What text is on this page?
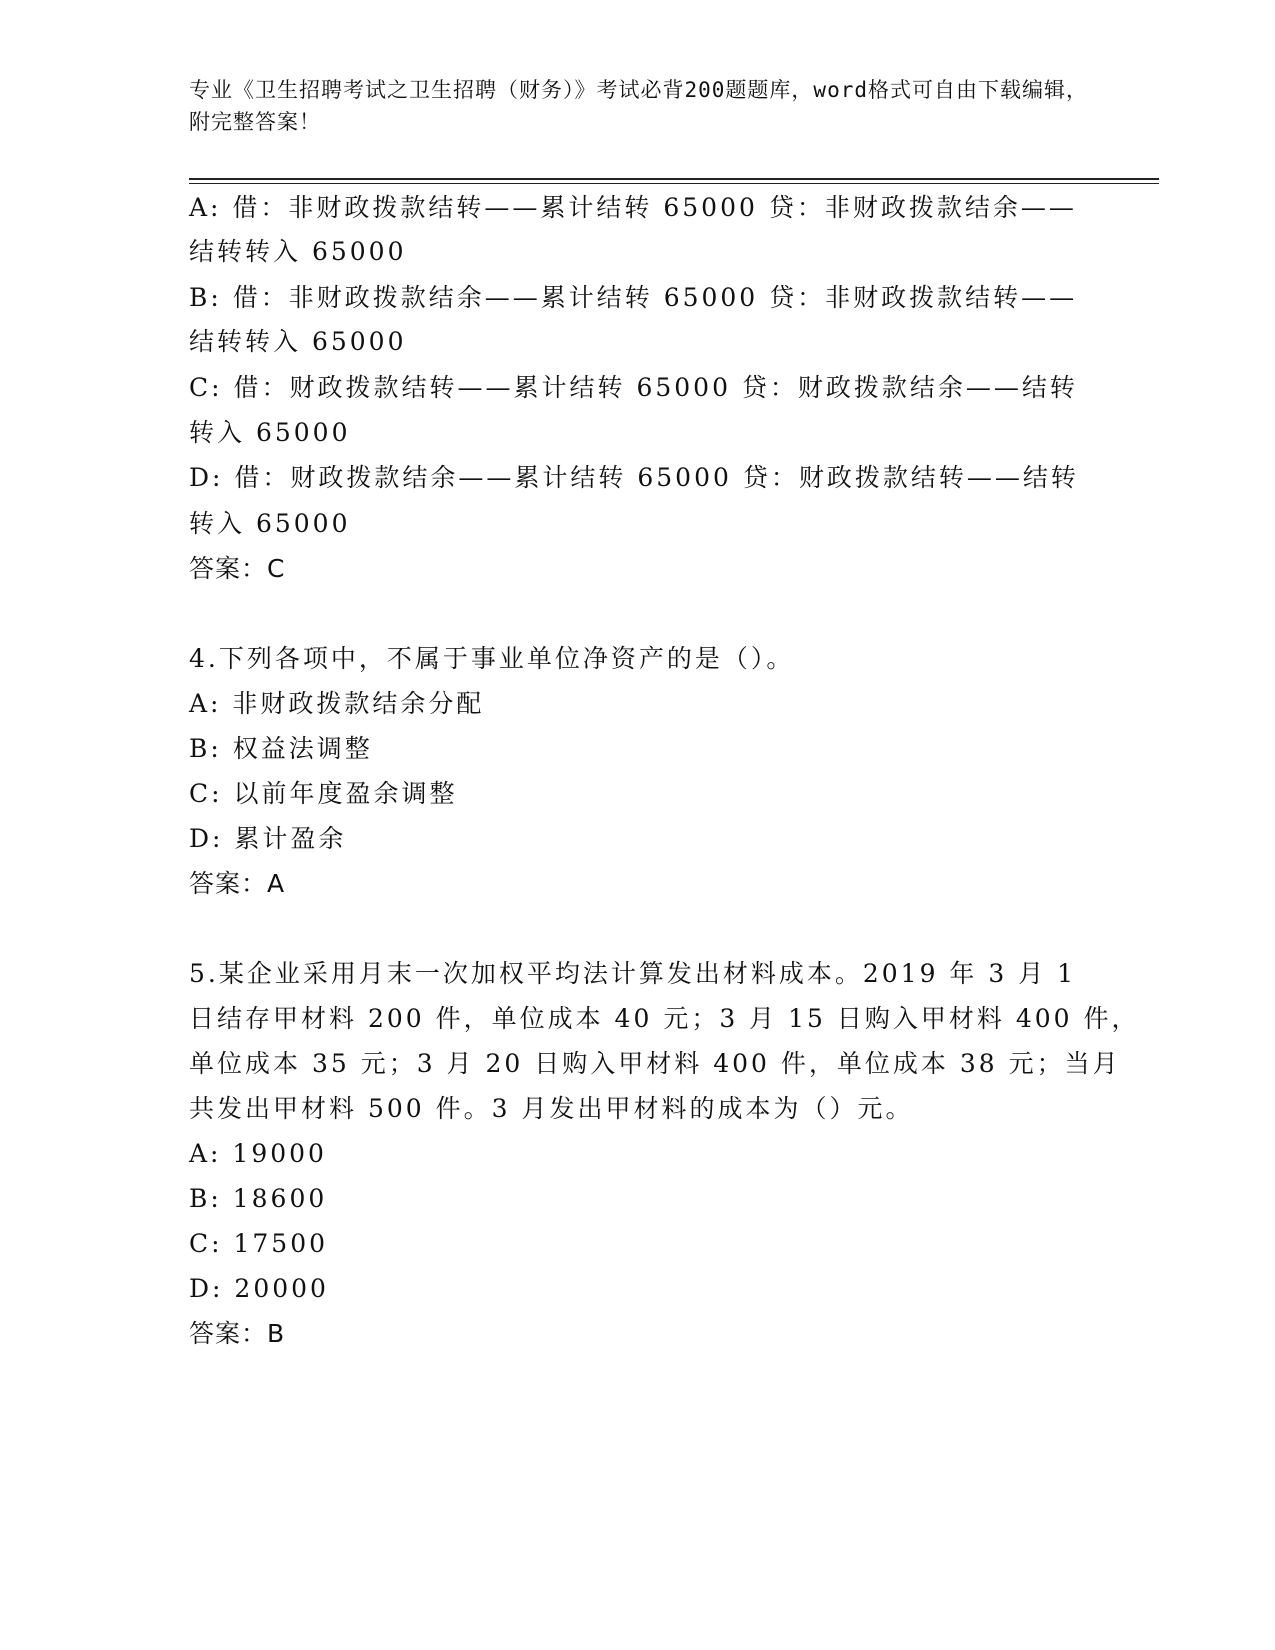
专业《卫生招聘考试之卫生招聘（财务）》考试必背200题题库，word格式可自由下载编辑，附完整答案！
A: 借：非财政拨款结转——累计结转 65000 贷：非财政拨款结余——
结转转入 65000
B: 借：非财政拨款结余——累计结转 65000 贷：非财政拨款结转——
结转转入 65000
C: 借：财政拨款结转——累计结转 65000 贷：财政拨款结余——结转
转入 65000
D: 借：财政拨款结余——累计结转 65000 贷：财政拨款结转——结转
转入 65000
答案：C
4.下列各项中，不属于事业单位净资产的是（）。
A: 非财政拨款结余分配
B: 权益法调整
C: 以前年度盈余调整
D: 累计盈余
答案：A
5.某企业采用月末一次加权平均法计算发出材料成本。2019 年 3 月 1
日结存甲材料 200 件，单位成本 40 元；3 月 15 日购入甲材料 400 件，
单位成本 35 元；3 月 20 日购入甲材料 400 件，单位成本 38 元；当月
共发出甲材料 500 件。3 月发出甲材料的成本为（）元。
A: 19000
B: 18600
C: 17500
D: 20000
答案：B
